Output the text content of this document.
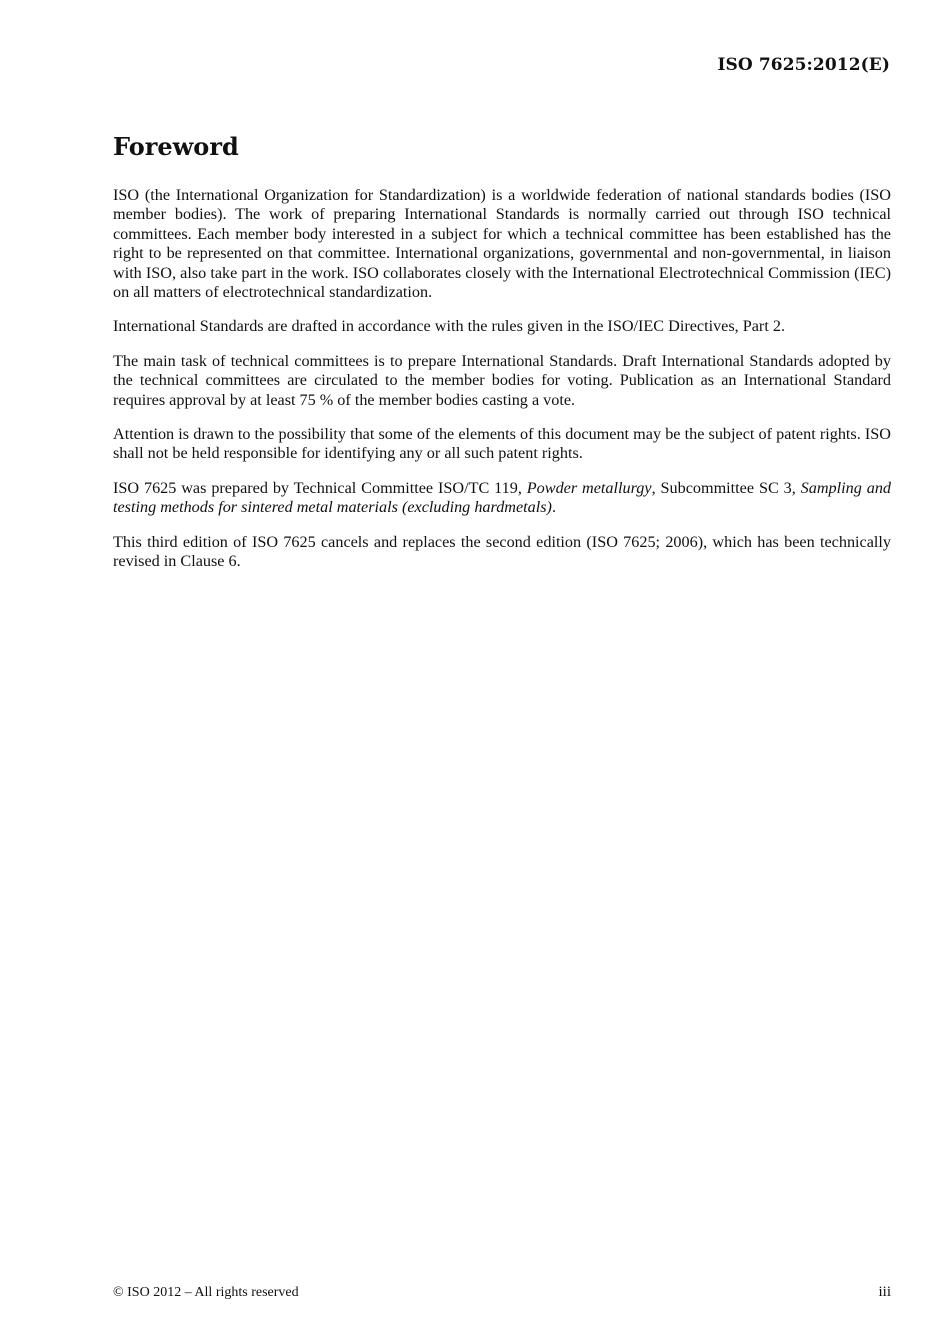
ISO 7625:2012(E)
Foreword

ISO (the International Organization for Standardization) is a worldwide federation of national standards bodies (ISO member bodies). The work of preparing International Standards is normally carried out through ISO technical committees. Each member body interested in a subject for which a technical committee has been established has the right to be represented on that committee. International organizations, governmental and non-governmental, in liaison with ISO, also take part in the work. ISO collaborates closely with the International Electrotechnical Commission (IEC) on all matters of electrotechnical standardization.

International Standards are drafted in accordance with the rules given in the ISO/IEC Directives, Part 2.

The main task of technical committees is to prepare International Standards. Draft International Standards adopted by the technical committees are circulated to the member bodies for voting. Publication as an International Standard requires approval by at least 75 % of the member bodies casting a vote.

Attention is drawn to the possibility that some of the elements of this document may be the subject of patent rights. ISO shall not be held responsible for identifying any or all such patent rights.

ISO 7625 was prepared by Technical Committee ISO/TC 119, Powder metallurgy, Subcommittee SC 3, Sampling and testing methods for sintered metal materials (excluding hardmetals).

This third edition of ISO 7625 cancels and replaces the second edition (ISO 7625; 2006), which has been technically revised in Clause 6.

© ISO 2012 – All rights reserved	iii
